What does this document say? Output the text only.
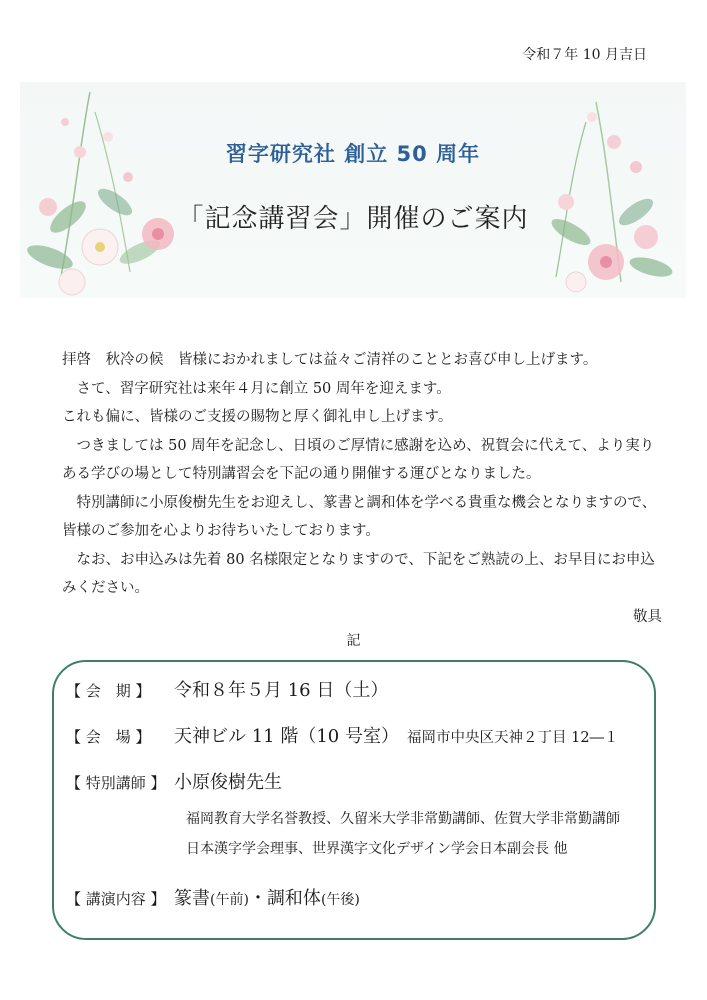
令和７年 10 月吉日
習字研究社 創立 50 周年
「記念講習会」開催のご案内

拝啓　秋冷の候　皆様におかれましては益々ご清祥のこととお喜び申し上げます。

さて、習字研究社は来年４月に創立 50 周年を迎えます。

これも偏に、皆様のご支援の賜物と厚く御礼申し上げます。

つきましては 50 周年を記念し、日頃のご厚情に感謝を込め、祝賀会に代えて、より実りある学びの場として特別講習会を下記の通り開催する運びとなりました。

特別講師に小原俊樹先生をお迎えし、篆書と調和体を学べる貴重な機会となりますので、皆様のご参加を心よりお待ちいたしております。

なお、お申込みは先着 80 名様限定となりますので、下記をご熟読の上、お早目にお申込みください。

敬具

記
【 会　期 】	令和８年５月 16 日（土）
【 会　場 】	天神ビル 11 階（10 号室） 福岡市中央区天神２丁目 12―１
【 特別講師 】 小原俊樹先生
福岡教育大学名誉教授、久留米大学非常勤講師、佐賀大学非常勤講師
日本漢字学会理事、世界漢字文化デザイン学会日本副会長 他
【 講演内容 】 篆書 (午前) ・ 調和体 (午後)
